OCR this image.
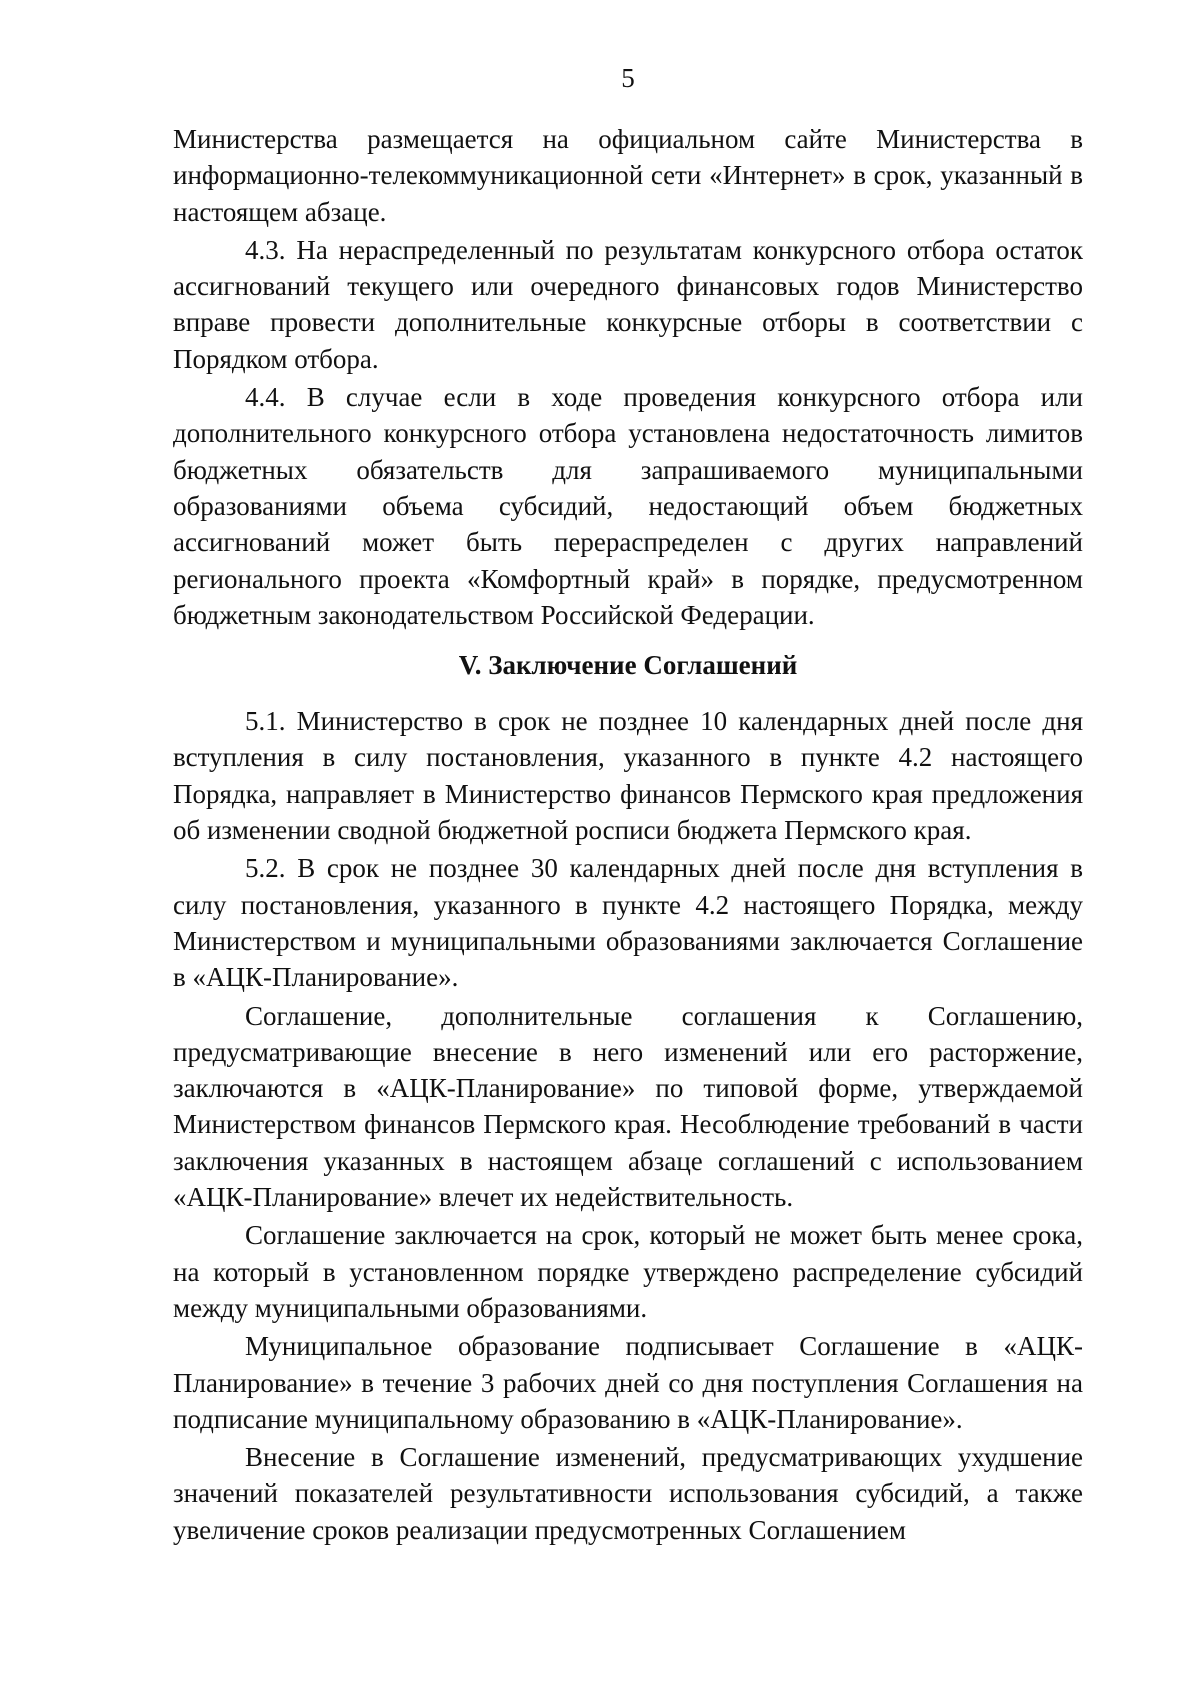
5

Министерства размещается на официальном сайте Министерства в информационно-телекоммуникационной сети «Интернет» в срок, указанный в настоящем абзаце.

4.3. На нераспределенный по результатам конкурсного отбора остаток ассигнований текущего или очередного финансовых годов Министерство вправе провести дополнительные конкурсные отборы в соответствии с Порядком отбора.

4.4. В случае если в ходе проведения конкурсного отбора или дополнительного конкурсного отбора установлена недостаточность лимитов бюджетных обязательств для запрашиваемого муниципальными образованиями объема субсидий, недостающий объем бюджетных ассигнований может быть перераспределен с других направлений регионального проекта «Комфортный край» в порядке, предусмотренном бюджетным законодательством Российской Федерации.

V. Заключение Соглашений

5.1. Министерство в срок не позднее 10 календарных дней после дня вступления в силу постановления, указанного в пункте 4.2 настоящего Порядка, направляет в Министерство финансов Пермского края предложения об изменении сводной бюджетной росписи бюджета Пермского края.

5.2. В срок не позднее 30 календарных дней после дня вступления в силу постановления, указанного в пункте 4.2 настоящего Порядка, между Министерством и муниципальными образованиями заключается Соглашение в «АЦК-Планирование».

Соглашение, дополнительные соглашения к Соглашению, предусматривающие внесение в него изменений или его расторжение, заключаются в «АЦК-Планирование» по типовой форме, утверждаемой Министерством финансов Пермского края. Несоблюдение требований в части заключения указанных в настоящем абзаце соглашений с использованием «АЦК-Планирование» влечет их недействительность.

Соглашение заключается на срок, который не может быть менее срока, на который в установленном порядке утверждено распределение субсидий между муниципальными образованиями.

Муниципальное образование подписывает Соглашение в «АЦК-Планирование» в течение 3 рабочих дней со дня поступления Соглашения на подписание муниципальному образованию в «АЦК-Планирование».

Внесение в Соглашение изменений, предусматривающих ухудшение значений показателей результативности использования субсидий, а также увеличение сроков реализации предусмотренных Соглашением
